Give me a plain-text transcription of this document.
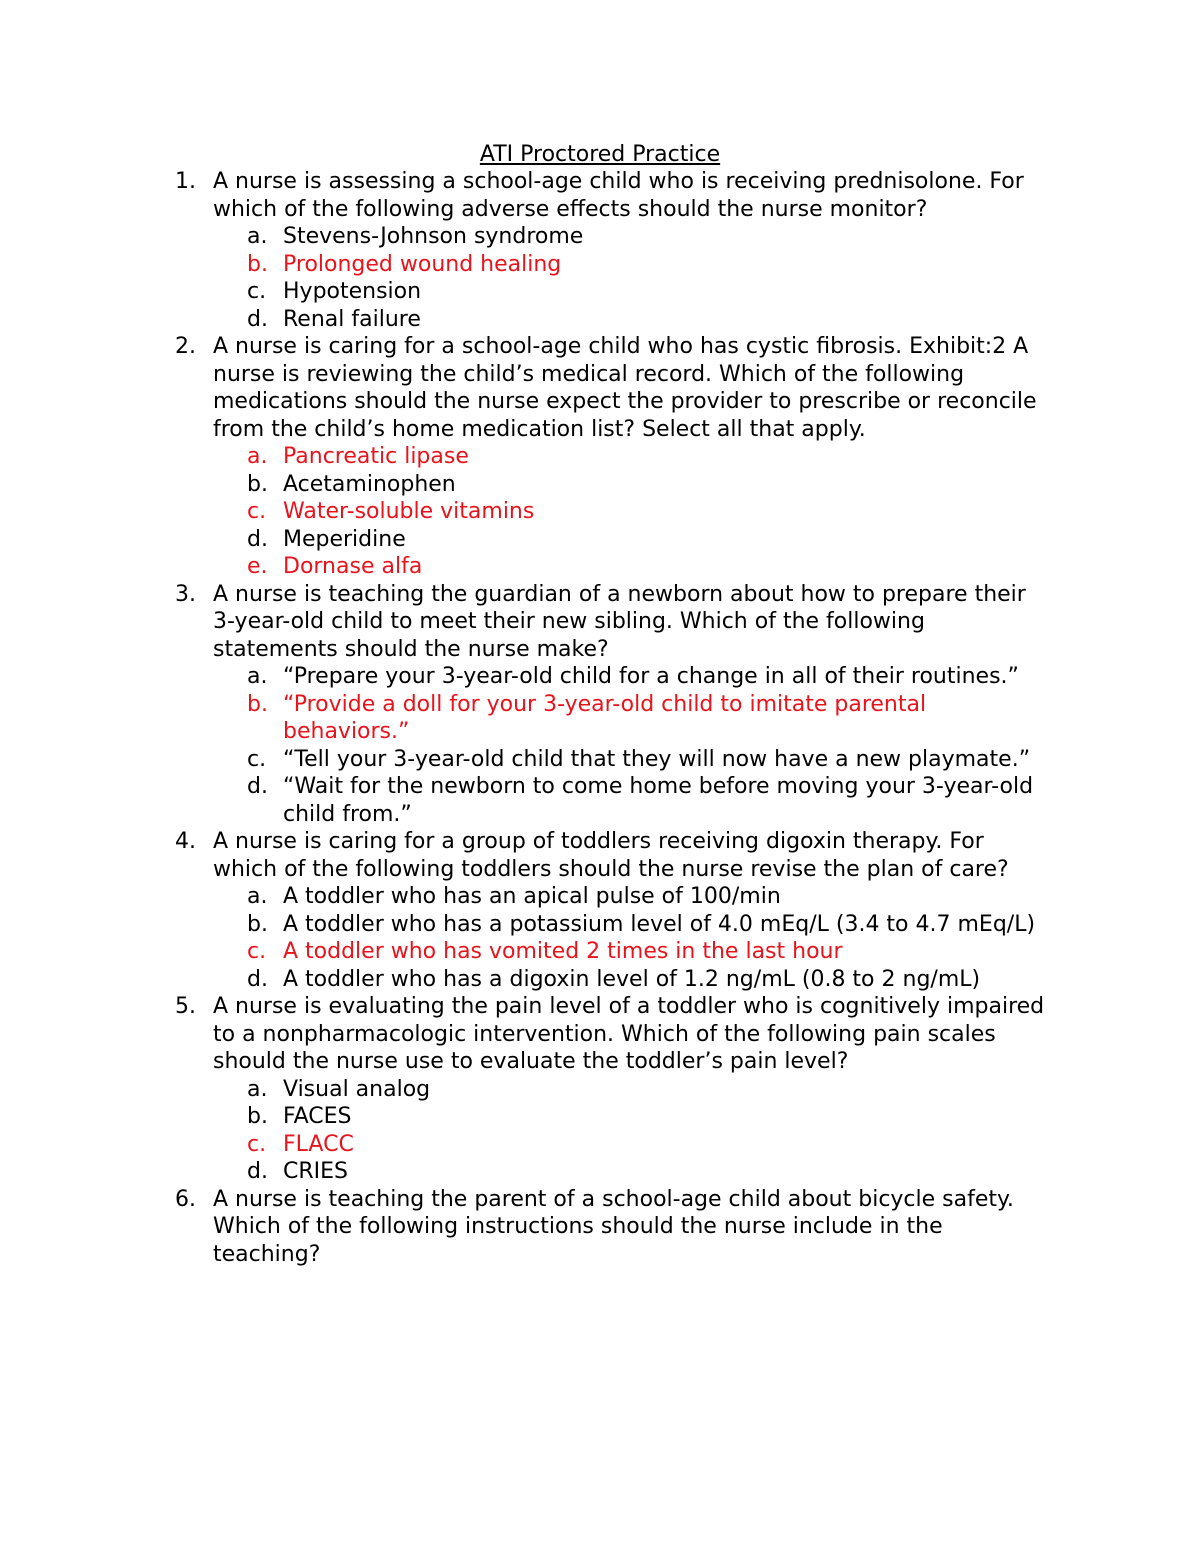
ATI Proctored Practice
1. A nurse is assessing a school-age child who is receiving prednisolone. For which of the following adverse effects should the nurse monitor?
a. Stevens-Johnson syndrome
b. Prolonged wound healing
c. Hypotension
d. Renal failure
2. A nurse is caring for a school-age child who has cystic fibrosis. Exhibit:2 A nurse is reviewing the child’s medical record. Which of the following medications should the nurse expect the provider to prescribe or reconcile from the child’s home medication list? Select all that apply.
a. Pancreatic lipase
b. Acetaminophen
c. Water-soluble vitamins
d. Meperidine
e. Dornase alfa
3. A nurse is teaching the guardian of a newborn about how to prepare their 3-year-old child to meet their new sibling. Which of the following statements should the nurse make?
a. “Prepare your 3-year-old child for a change in all of their routines.”
b. “Provide a doll for your 3-year-old child to imitate parental behaviors.”
c. “Tell your 3-year-old child that they will now have a new playmate.”
d. “Wait for the newborn to come home before moving your 3-year-old child from.”
4. A nurse is caring for a group of toddlers receiving digoxin therapy. For which of the following toddlers should the nurse revise the plan of care?
a. A toddler who has an apical pulse of 100/min
b. A toddler who has a potassium level of 4.0 mEq/L (3.4 to 4.7 mEq/L)
c. A toddler who has vomited 2 times in the last hour
d. A toddler who has a digoxin level of 1.2 ng/mL (0.8 to 2 ng/mL)
5. A nurse is evaluating the pain level of a toddler who is cognitively impaired to a nonpharmacologic intervention. Which of the following pain scales should the nurse use to evaluate the toddler’s pain level?
a. Visual analog
b. FACES
c. FLACC
d. CRIES
6. A nurse is teaching the parent of a school-age child about bicycle safety. Which of the following instructions should the nurse include in the teaching?
